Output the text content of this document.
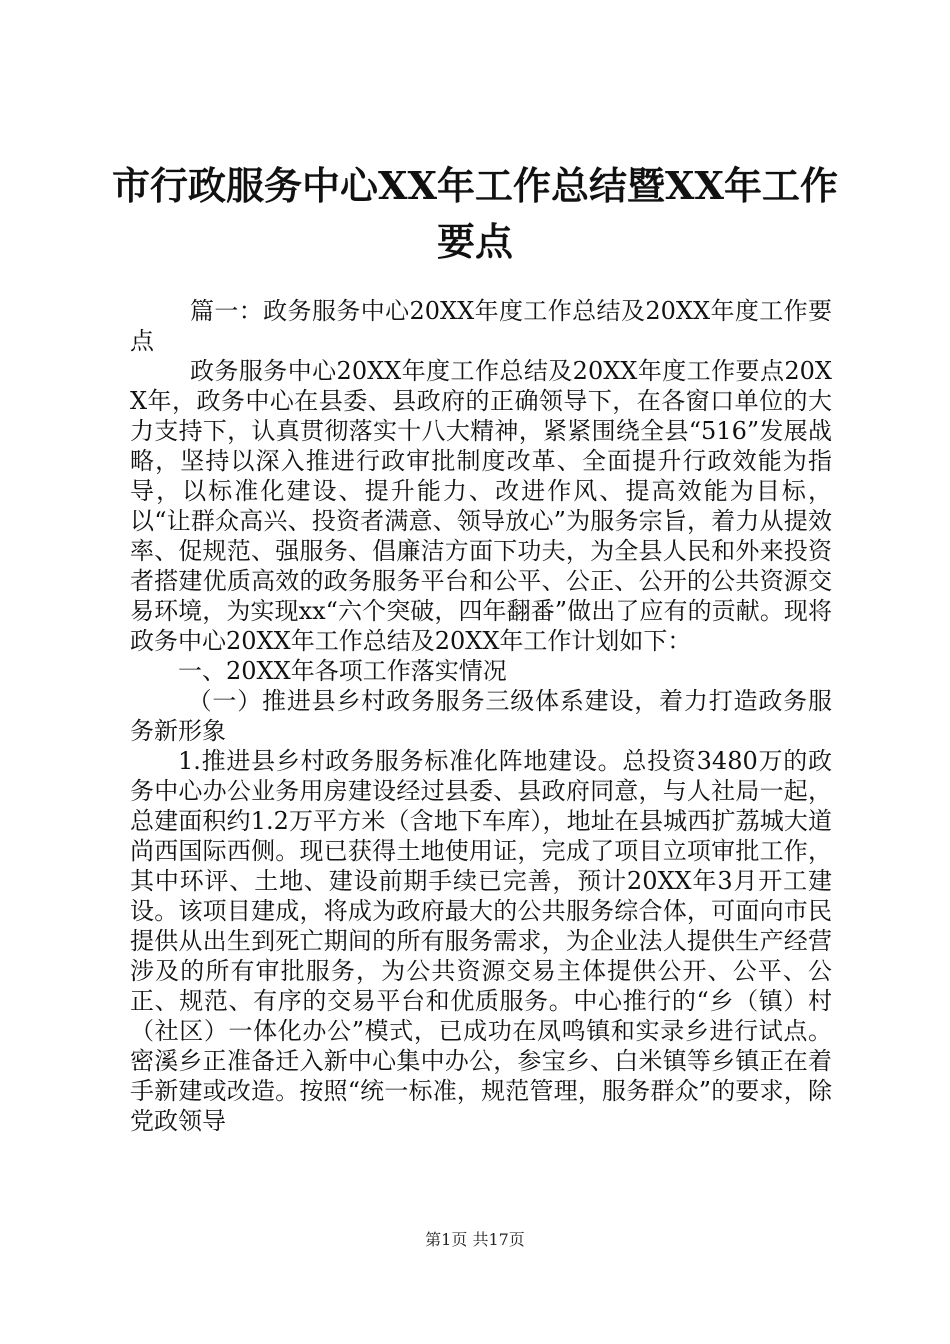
市行政服务中心XX年工作总结暨XX年工作要点

篇一：政务服务中心20XX年度工作总结及20XX年度工作要点

政务服务中心20XX年度工作总结及20XX年度工作要点20XX年，政务中心在县委、县政府的正确领导下，在各窗口单位的大力支持下，认真贯彻落实十八大精神，紧紧围绕全县“516”发展战略，坚持以深入推进行政审批制度改革、全面提升行政效能为指导，以标准化建设、提升能力、改进作风、提高效能为目标，以“让群众高兴、投资者满意、领导放心”为服务宗旨，着力从提效率、促规范、强服务、倡廉洁方面下功夫，为全县人民和外来投资者搭建优质高效的政务服务平台和公平、公正、公开的公共资源交易环境，为实现xx“六个突破，四年翻番”做出了应有的贡献。现将政务中心20XX年工作总结及20XX年工作计划如下：

一、20XX年各项工作落实情况

（一）推进县乡村政务服务三级体系建设，着力打造政务服务新形象

1.推进县乡村政务服务标准化阵地建设。总投资3480万的政务中心办公业务用房建设经过县委、县政府同意，与人社局一起，总建面积约1.2万平方米（含地下车库），地址在县城西扩荔城大道尚西国际西侧。现已获得土地使用证，完成了项目立项审批工作，其中环评、土地、建设前期手续已完善，预计20XX年3月开工建设。该项目建成，将成为政府最大的公共服务综合体，可面向市民提供从出生到死亡期间的所有服务需求，为企业法人提供生产经营涉及的所有审批服务，为公共资源交易主体提供公开、公平、公正、规范、有序的交易平台和优质服务。中心推行的“乡（镇）村（社区）一体化办公”模式，已成功在凤鸣镇和实录乡进行试点。密溪乡正准备迁入新中心集中办公，参宝乡、白米镇等乡镇正在着手新建或改造。按照“统一标准，规范管理，服务群众”的要求，除党政领导

第1页 共17页
